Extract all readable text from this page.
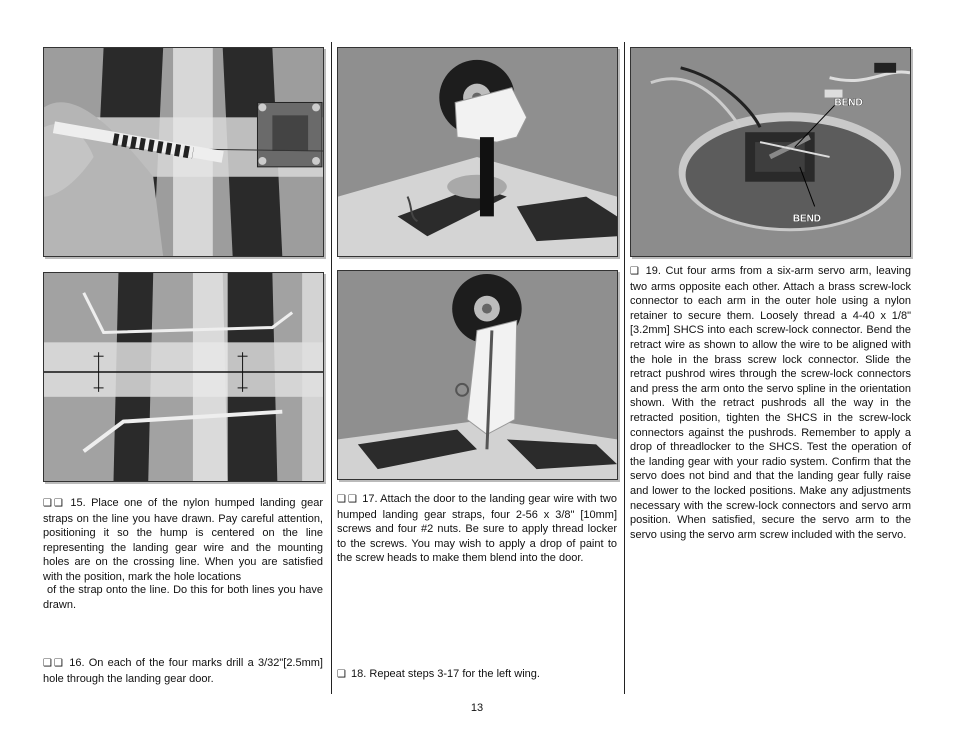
BEND
BEND

❑ ❑ 15. Place one of the nylon humped landing gear straps on the line you have drawn. Pay careful attention, positioning it so the hump is centered on the line representing the landing gear wire and the mounting holes are on the crossing line. When you are satisfied with the position, mark the hole locations

of the strap onto the line. Do this for both lines you have drawn.

❑ ❑ 16. On each of the four marks drill a 3/32"[2.5mm] hole through the landing gear door.

❑ ❑ 17. Attach the door to the landing gear wire with two humped landing gear straps, four 2-56 x 3/8" [10mm] screws and four #2 nuts. Be sure to apply thread locker to the screws. You may wish to apply a drop of paint to the screw heads to make them blend into the door.

❑ 18. Repeat steps 3-17 for the left wing.

❑ 19. Cut four arms from a six-arm servo arm, leaving two arms opposite each other. Attach a brass screw-lock connector to each arm in the outer hole using a nylon retainer to secure them. Loosely thread a 4-40 x 1/8" [3.2mm] SHCS into each screw-lock connector. Bend the retract wire as shown to allow the wire to be aligned with the hole in the brass screw lock connector. Slide the retract pushrod wires through the screw-lock connectors and press the arm onto the servo spline in the orientation shown. With the retract pushrods all the way in the retracted position, tighten the SHCS in the screw-lock connectors against the pushrods. Remember to apply a drop of threadlocker to the SHCS. Test the operation of the landing gear with your radio system. Confirm that the servo does not bind and that the landing gear fully raise and lower to the locked positions. Make any adjustments necessary with the screw-lock connectors and servo arm position. When satisfied, secure the servo arm to the servo using the servo arm screw included with the servo.

13
